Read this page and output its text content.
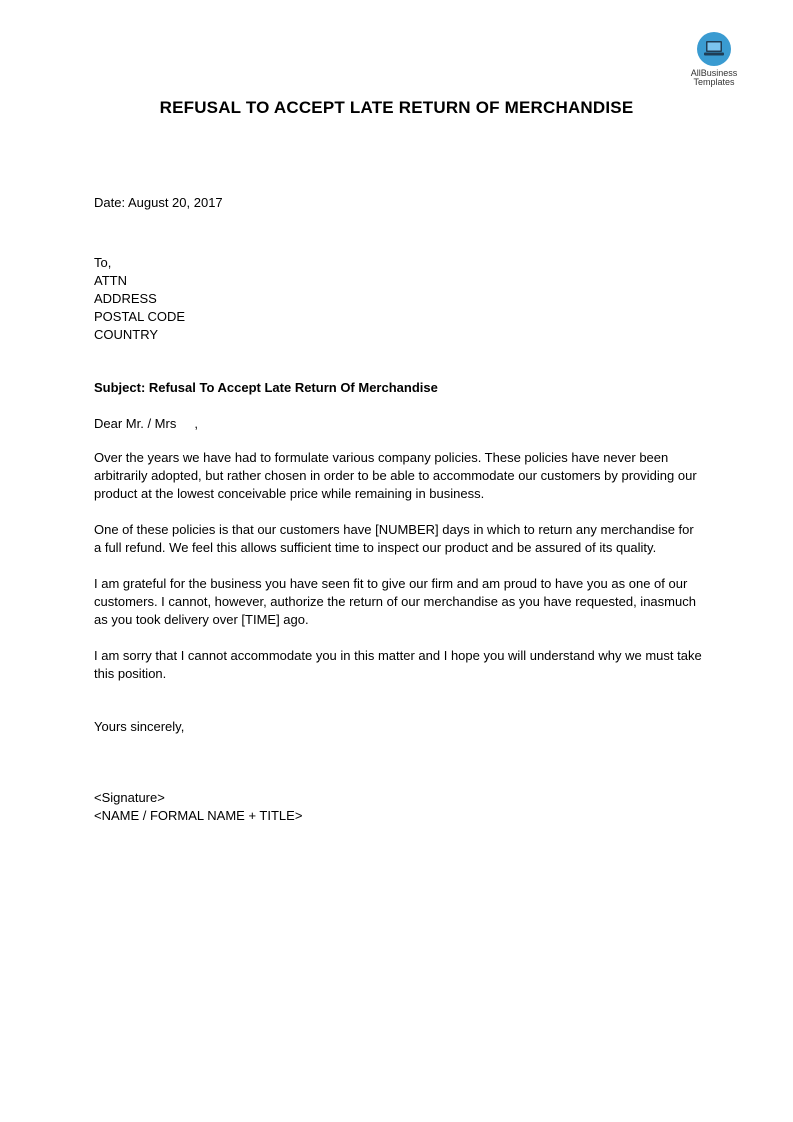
AllBusiness
Templates
REFUSAL TO ACCEPT LATE RETURN OF MERCHANDISE
Date: August 20, 2017
To,
ATTN
ADDRESS
POSTAL CODE
COUNTRY
Subject: Refusal To Accept Late Return Of Merchandise
Dear Mr. / Mrs     ,

Over the years we have had to formulate various company policies. These policies have never been arbitrarily adopted, but rather chosen in order to be able to accommodate our customers by providing our product at the lowest conceivable price while remaining in business.

One of these policies is that our customers have [NUMBER] days in which to return any merchandise for a full refund. We feel this allows sufficient time to inspect our product and be assured of its quality.

I am grateful for the business you have seen fit to give our firm and am proud to have you as one of our customers. I cannot, however, authorize the return of our merchandise as you have requested, inasmuch as you took delivery over [TIME] ago.

I am sorry that I cannot accommodate you in this matter and I hope you will understand why we must take this position.

Yours sincerely,
<Signature>
<NAME / FORMAL NAME + TITLE>
